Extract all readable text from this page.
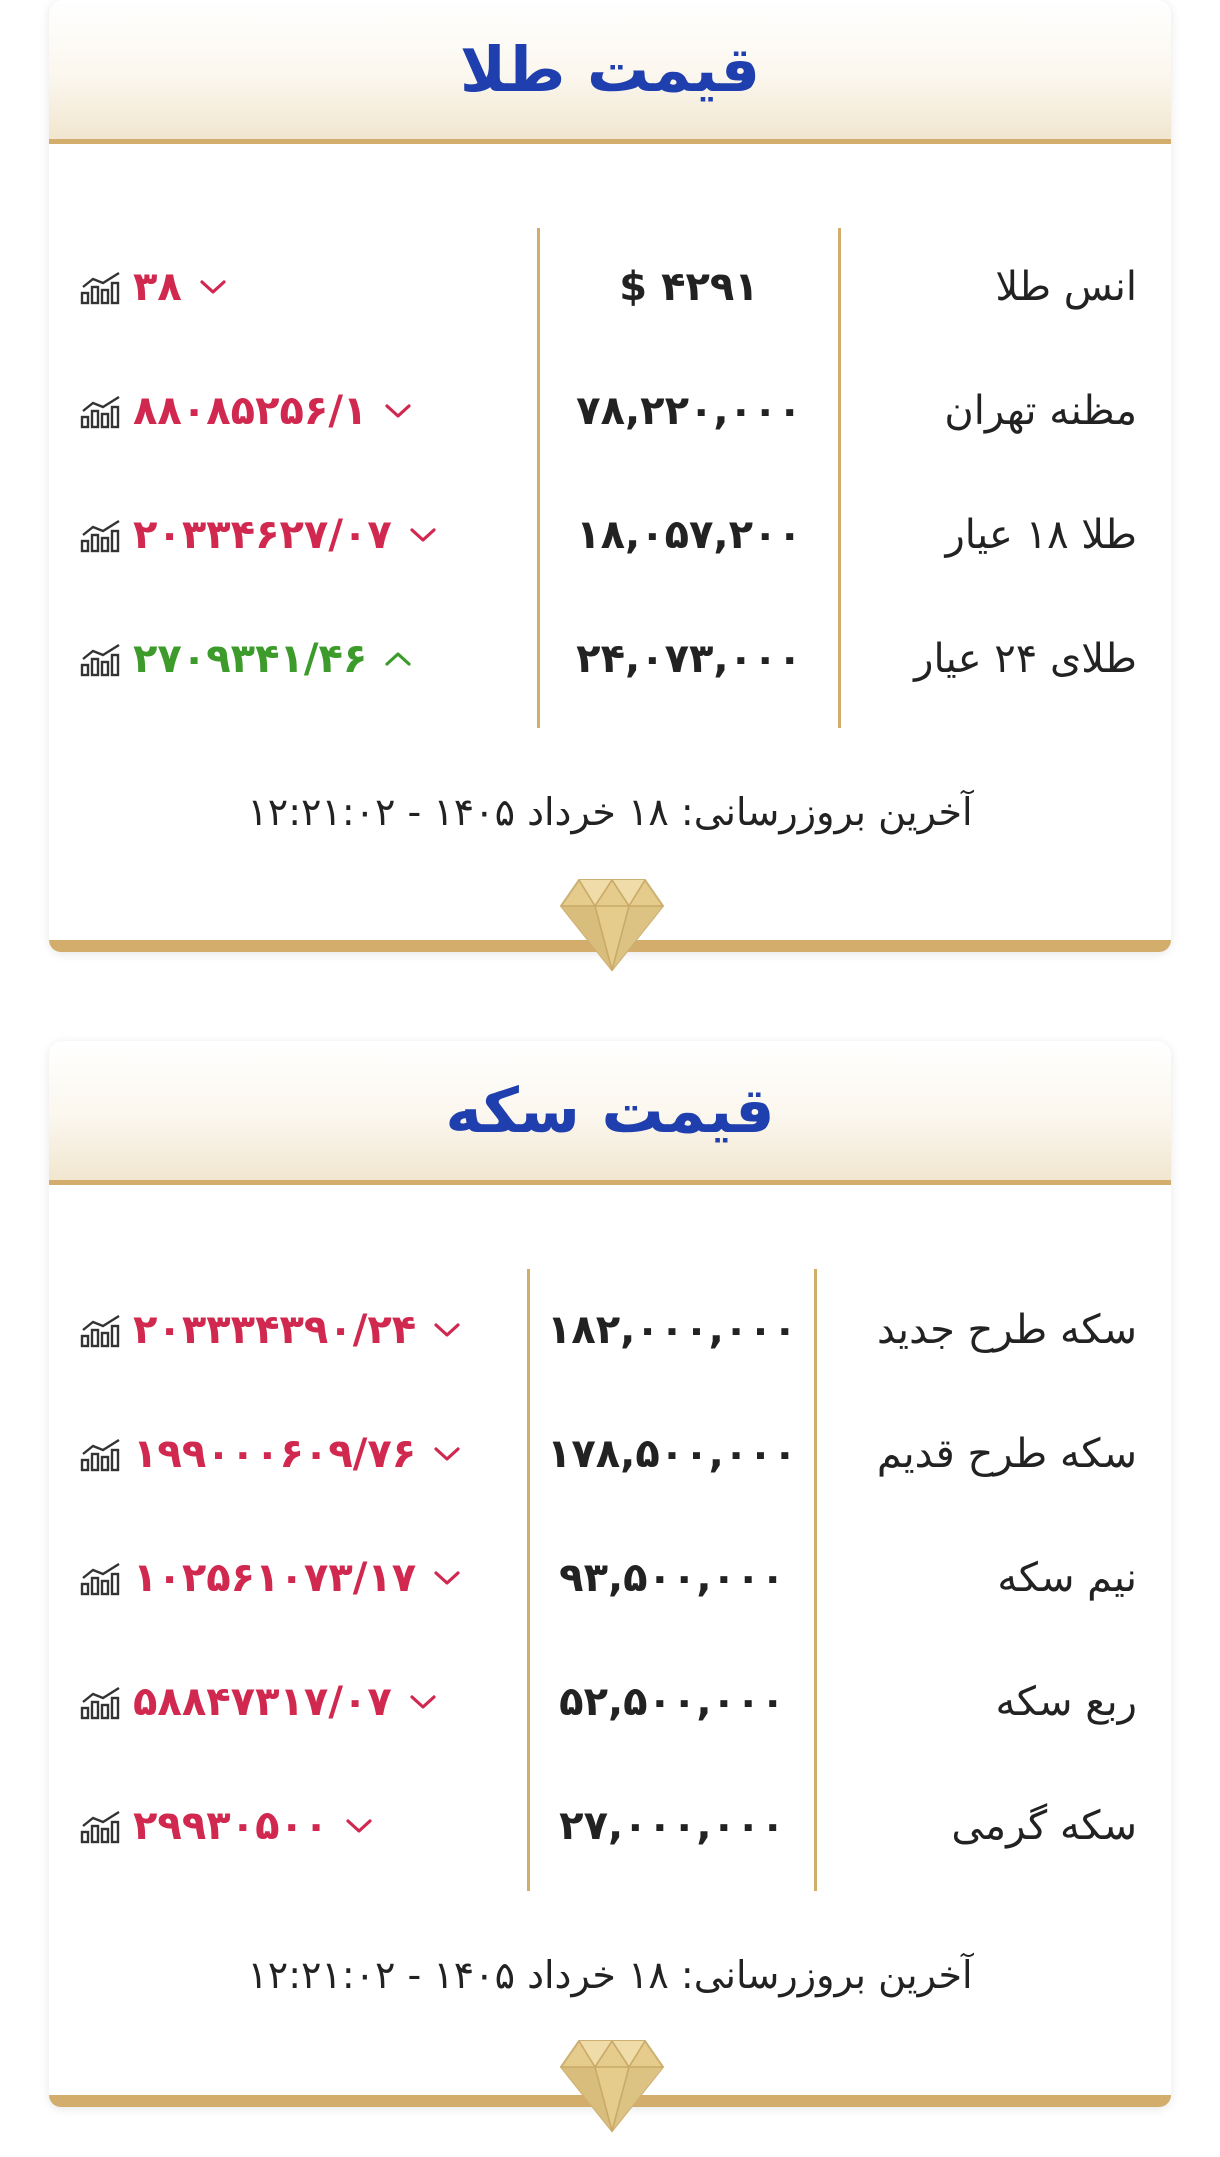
قیمت طلا
انس طلا
۴۲۹۱ $
۳۸
مظنه تهران
۷۸,۲۲۰,۰۰۰
۸۸۰۸۵۲۵۶/۱
طلا ۱۸ عیار
۱۸,۰۵۷,۲۰۰
۲۰۳۳۴۶۲۷/۰۷
طلای ۲۴ عیار
۲۴,۰۷۳,۰۰۰
۲۷۰۹۳۴۱/۴۶
آخرین بروزرسانی: ۱۸ خرداد ۱۴۰۵ - ۱۲:۲۱:۰۲
قیمت سکه
سکه طرح جدید
۱۸۲,۰۰۰,۰۰۰
۲۰۳۳۳۴۳۹۰/۲۴
سکه طرح قدیم
۱۷۸,۵۰۰,۰۰۰
۱۹۹۰۰۰۶۰۹/۷۶
نیم سکه
۹۳,۵۰۰,۰۰۰
۱۰۲۵۶۱۰۷۳/۱۷
ربع سکه
۵۲,۵۰۰,۰۰۰
۵۸۸۴۷۳۱۷/۰۷
سکه گرمی
۲۷,۰۰۰,۰۰۰
۲۹۹۳۰۵۰۰
آخرین بروزرسانی: ۱۸ خرداد ۱۴۰۵ - ۱۲:۲۱:۰۲
